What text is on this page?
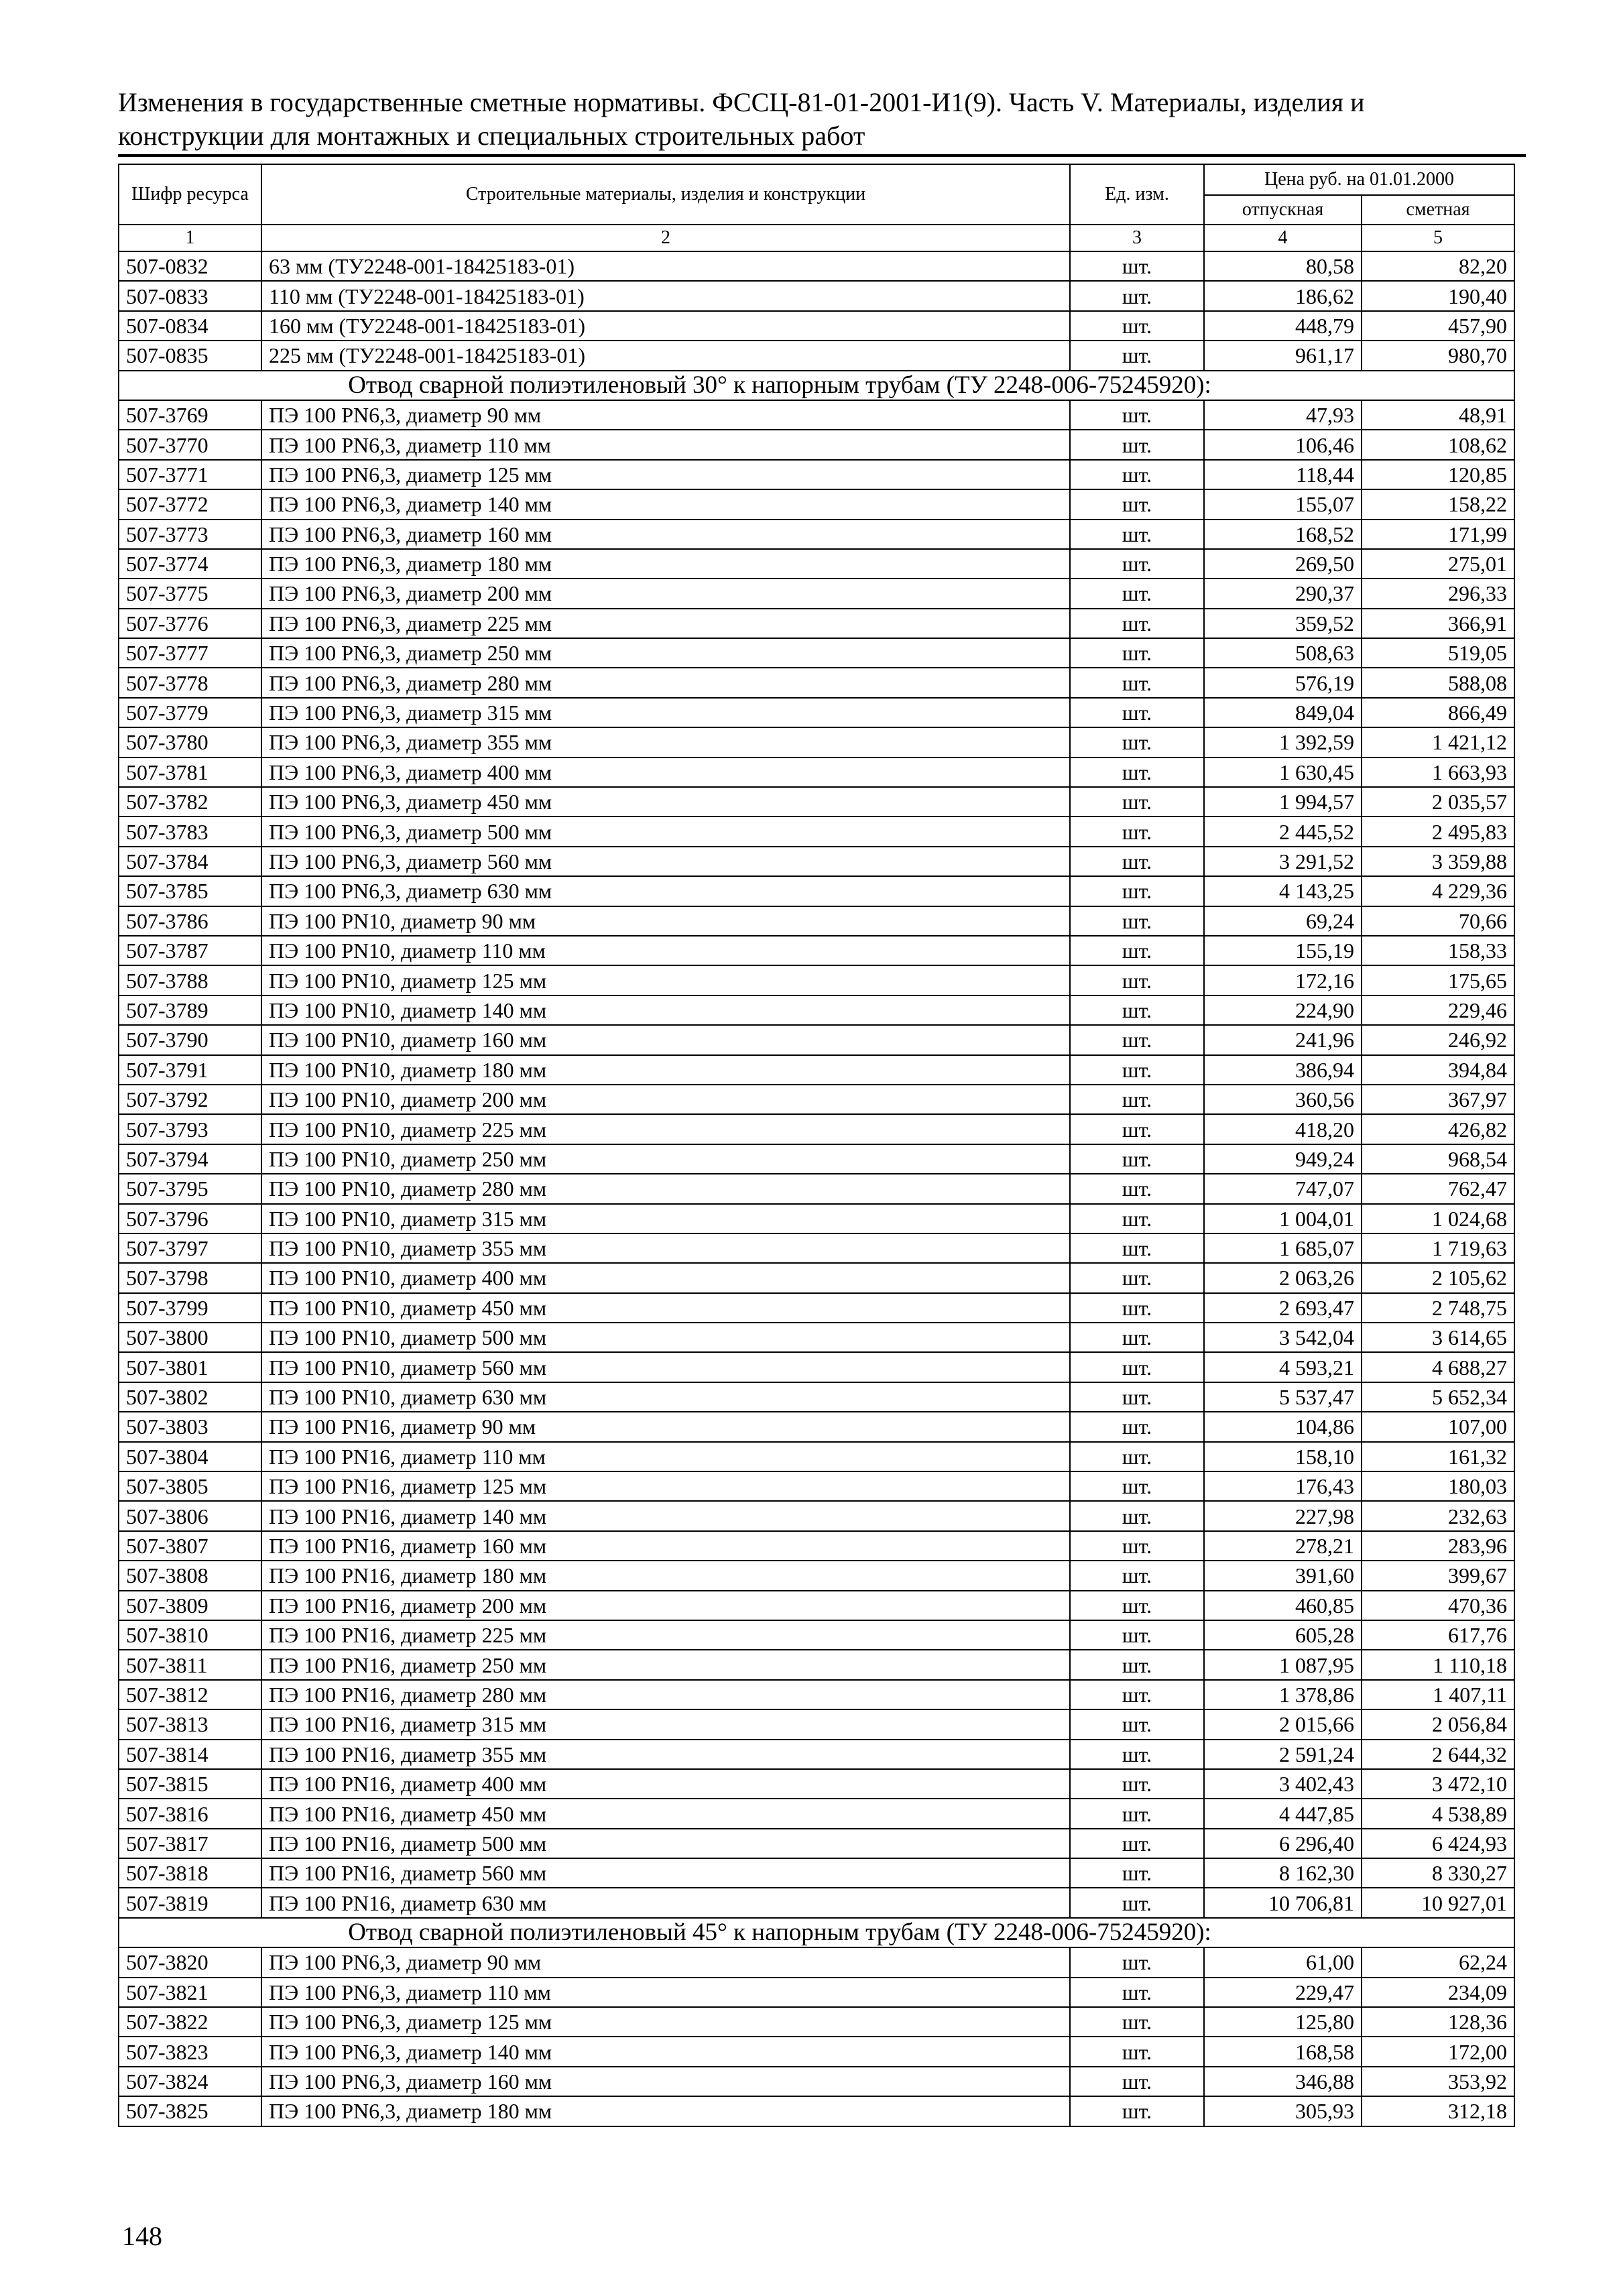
Изменения в государственные сметные нормативы. ФССЦ-81-01-2001-И1(9). Часть V. Материалы, изделия и
конструкции для монтажных и специальных строительных работ
Шифр ресурса	Строительные материалы, изделия и конструкции	Ед. изм.	Цена руб. на 01.01.2000	
			отпускная	сметная
1	2	3	4	5
507-0832	63 мм (ТУ2248-001-18425183-01)	шт.	80,58	82,20
507-0833	110 мм (ТУ2248-001-18425183-01)	шт.	186,62	190,40
507-0834	160 мм (ТУ2248-001-18425183-01)	шт.	448,79	457,90
507-0835	225 мм (ТУ2248-001-18425183-01)	шт.	961,17	980,70
Отвод сварной полиэтиленовый 30° к напорным трубам (ТУ 2248-006-75245920):				
507-3769	ПЭ 100 PN6,3, диаметр 90 мм	шт.	47,93	48,91
507-3770	ПЭ 100 PN6,3, диаметр 110 мм	шт.	106,46	108,62
507-3771	ПЭ 100 PN6,3, диаметр 125 мм	шт.	118,44	120,85
507-3772	ПЭ 100 PN6,3, диаметр 140 мм	шт.	155,07	158,22
507-3773	ПЭ 100 PN6,3, диаметр 160 мм	шт.	168,52	171,99
507-3774	ПЭ 100 PN6,3, диаметр 180 мм	шт.	269,50	275,01
507-3775	ПЭ 100 PN6,3, диаметр 200 мм	шт.	290,37	296,33
507-3776	ПЭ 100 PN6,3, диаметр 225 мм	шт.	359,52	366,91
507-3777	ПЭ 100 PN6,3, диаметр 250 мм	шт.	508,63	519,05
507-3778	ПЭ 100 PN6,3, диаметр 280 мм	шт.	576,19	588,08
507-3779	ПЭ 100 PN6,3, диаметр 315 мм	шт.	849,04	866,49
507-3780	ПЭ 100 PN6,3, диаметр 355 мм	шт.	1 392,59	1 421,12
507-3781	ПЭ 100 PN6,3, диаметр 400 мм	шт.	1 630,45	1 663,93
507-3782	ПЭ 100 PN6,3, диаметр 450 мм	шт.	1 994,57	2 035,57
507-3783	ПЭ 100 PN6,3, диаметр 500 мм	шт.	2 445,52	2 495,83
507-3784	ПЭ 100 PN6,3, диаметр 560 мм	шт.	3 291,52	3 359,88
507-3785	ПЭ 100 PN6,3, диаметр 630 мм	шт.	4 143,25	4 229,36
507-3786	ПЭ 100 PN10, диаметр 90 мм	шт.	69,24	70,66
507-3787	ПЭ 100 PN10, диаметр 110 мм	шт.	155,19	158,33
507-3788	ПЭ 100 PN10, диаметр 125 мм	шт.	172,16	175,65
507-3789	ПЭ 100 PN10, диаметр 140 мм	шт.	224,90	229,46
507-3790	ПЭ 100 PN10, диаметр 160 мм	шт.	241,96	246,92
507-3791	ПЭ 100 PN10, диаметр 180 мм	шт.	386,94	394,84
507-3792	ПЭ 100 PN10, диаметр 200 мм	шт.	360,56	367,97
507-3793	ПЭ 100 PN10, диаметр 225 мм	шт.	418,20	426,82
507-3794	ПЭ 100 PN10, диаметр 250 мм	шт.	949,24	968,54
507-3795	ПЭ 100 PN10, диаметр 280 мм	шт.	747,07	762,47
507-3796	ПЭ 100 PN10, диаметр 315 мм	шт.	1 004,01	1 024,68
507-3797	ПЭ 100 PN10, диаметр 355 мм	шт.	1 685,07	1 719,63
507-3798	ПЭ 100 PN10, диаметр 400 мм	шт.	2 063,26	2 105,62
507-3799	ПЭ 100 PN10, диаметр 450 мм	шт.	2 693,47	2 748,75
507-3800	ПЭ 100 PN10, диаметр 500 мм	шт.	3 542,04	3 614,65
507-3801	ПЭ 100 PN10, диаметр 560 мм	шт.	4 593,21	4 688,27
507-3802	ПЭ 100 PN10, диаметр 630 мм	шт.	5 537,47	5 652,34
507-3803	ПЭ 100 PN16, диаметр 90 мм	шт.	104,86	107,00
507-3804	ПЭ 100 PN16, диаметр 110 мм	шт.	158,10	161,32
507-3805	ПЭ 100 PN16, диаметр 125 мм	шт.	176,43	180,03
507-3806	ПЭ 100 PN16, диаметр 140 мм	шт.	227,98	232,63
507-3807	ПЭ 100 PN16, диаметр 160 мм	шт.	278,21	283,96
507-3808	ПЭ 100 PN16, диаметр 180 мм	шт.	391,60	399,67
507-3809	ПЭ 100 PN16, диаметр 200 мм	шт.	460,85	470,36
507-3810	ПЭ 100 PN16, диаметр 225 мм	шт.	605,28	617,76
507-3811	ПЭ 100 PN16, диаметр 250 мм	шт.	1 087,95	1 110,18
507-3812	ПЭ 100 PN16, диаметр 280 мм	шт.	1 378,86	1 407,11
507-3813	ПЭ 100 PN16, диаметр 315 мм	шт.	2 015,66	2 056,84
507-3814	ПЭ 100 PN16, диаметр 355 мм	шт.	2 591,24	2 644,32
507-3815	ПЭ 100 PN16, диаметр 400 мм	шт.	3 402,43	3 472,10
507-3816	ПЭ 100 PN16, диаметр 450 мм	шт.	4 447,85	4 538,89
507-3817	ПЭ 100 PN16, диаметр 500 мм	шт.	6 296,40	6 424,93
507-3818	ПЭ 100 PN16, диаметр 560 мм	шт.	8 162,30	8 330,27
507-3819	ПЭ 100 PN16, диаметр 630 мм	шт.	10 706,81	10 927,01
Отвод сварной полиэтиленовый 45° к напорным трубам (ТУ 2248-006-75245920):				
507-3820	ПЭ 100 PN6,3, диаметр 90 мм	шт.	61,00	62,24
507-3821	ПЭ 100 PN6,3, диаметр 110 мм	шт.	229,47	234,09
507-3822	ПЭ 100 PN6,3, диаметр 125 мм	шт.	125,80	128,36
507-3823	ПЭ 100 PN6,3, диаметр 140 мм	шт.	168,58	172,00
507-3824	ПЭ 100 PN6,3, диаметр 160 мм	шт.	346,88	353,92
507-3825	ПЭ 100 PN6,3, диаметр 180 мм	шт.	305,93	312,18
148
